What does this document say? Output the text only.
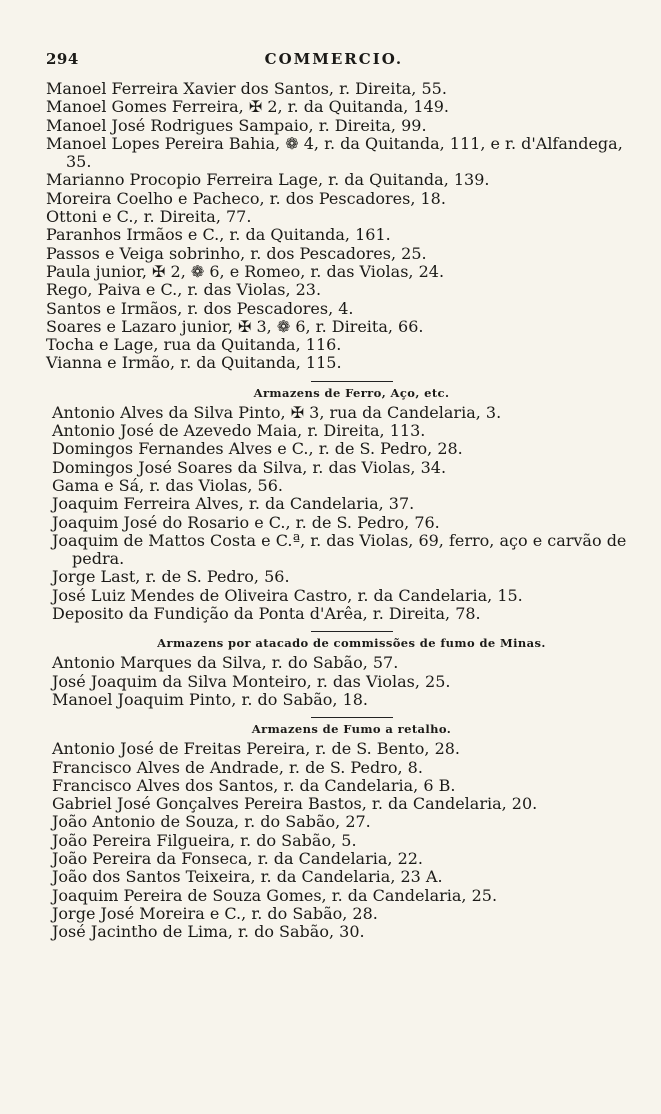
294	COMMERCIO.
Manoel Ferreira Xavier dos Santos, r. Direita, 55.
Manoel Gomes Ferreira, ✠ 2, r. da Quitanda, 149.
Manoel José Rodrigues Sampaio, r. Direita, 99.
Manoel Lopes Pereira Bahia, ❁ 4, r. da Quitanda, 111, e r. d'Alfandega, 35.
Marianno Procopio Ferreira Lage, r. da Quitanda, 139.
Moreira Coelho e Pacheco, r. dos Pescadores, 18.
Ottoni e C., r. Direita, 77.
Paranhos Irmãos e C., r. da Quitanda, 161.
Passos e Veiga sobrinho, r. dos Pescadores, 25.
Paula junior, ✠ 2, ❁ 6, e Romeo, r. das Violas, 24.
Rego, Paiva e C., r. das Violas, 23.
Santos e Irmãos, r. dos Pescadores, 4.
Soares e Lazaro junior, ✠ 3, ❁ 6, r. Direita, 66.
Tocha e Lage, rua da Quitanda, 116.
Vianna e Irmão, r. da Quitanda, 115.
Armazens de Ferro, Aço, etc.
Antonio Alves da Silva Pinto, ✠ 3, rua da Candelaria, 3.
Antonio José de Azevedo Maia, r. Direita, 113.
Domingos Fernandes Alves e C., r. de S. Pedro, 28.
Domingos José Soares da Silva, r. das Violas, 34.
Gama e Sá, r. das Violas, 56.
Joaquim Ferreira Alves, r. da Candelaria, 37.
Joaquim José do Rosario e C., r. de S. Pedro, 76.
Joaquim de Mattos Costa e C.ª, r. das Violas, 69, ferro, aço e carvão de pedra.
Jorge Last, r. de S. Pedro, 56.
José Luiz Mendes de Oliveira Castro, r. da Candelaria, 15.
Deposito da Fundição da Ponta d'Arêa, r. Direita, 78.
Armazens por atacado de commissões de fumo de Minas.
Antonio Marques da Silva, r. do Sabão, 57.
José Joaquim da Silva Monteiro, r. das Violas, 25.
Manoel Joaquim Pinto, r. do Sabão, 18.
Armazens de Fumo a retalho.
Antonio José de Freitas Pereira, r. de S. Bento, 28.
Francisco Alves de Andrade, r. de S. Pedro, 8.
Francisco Alves dos Santos, r. da Candelaria, 6 B.
Gabriel José Gonçalves Pereira Bastos, r. da Candelaria, 20.
João Antonio de Souza, r. do Sabão, 27.
João Pereira Filgueira, r. do Sabão, 5.
João Pereira da Fonseca, r. da Candelaria, 22.
João dos Santos Teixeira, r. da Candelaria, 23 A.
Joaquim Pereira de Souza Gomes, r. da Candelaria, 25.
Jorge José Moreira e C., r. do Sabão, 28.
José Jacintho de Lima, r. do Sabão, 30.
